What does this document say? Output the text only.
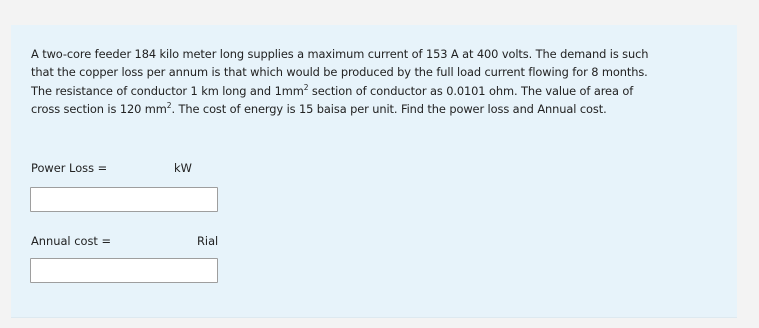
A two-core feeder 184 kilo meter long supplies a maximum current of 153 A at 400 volts. The demand is such
that the copper loss per annum is that which would be produced by the full load current flowing for 8 months.
The resistance of conductor 1 km long and $1mm^2$ section of conductor as 0.0101 ohm. The value of area of
cross section is 120 $mm^2$. The cost of energy is 15 baisa per unit. Find the power loss and Annual cost.

Power Loss =	kW
Annual cost =	Rial
